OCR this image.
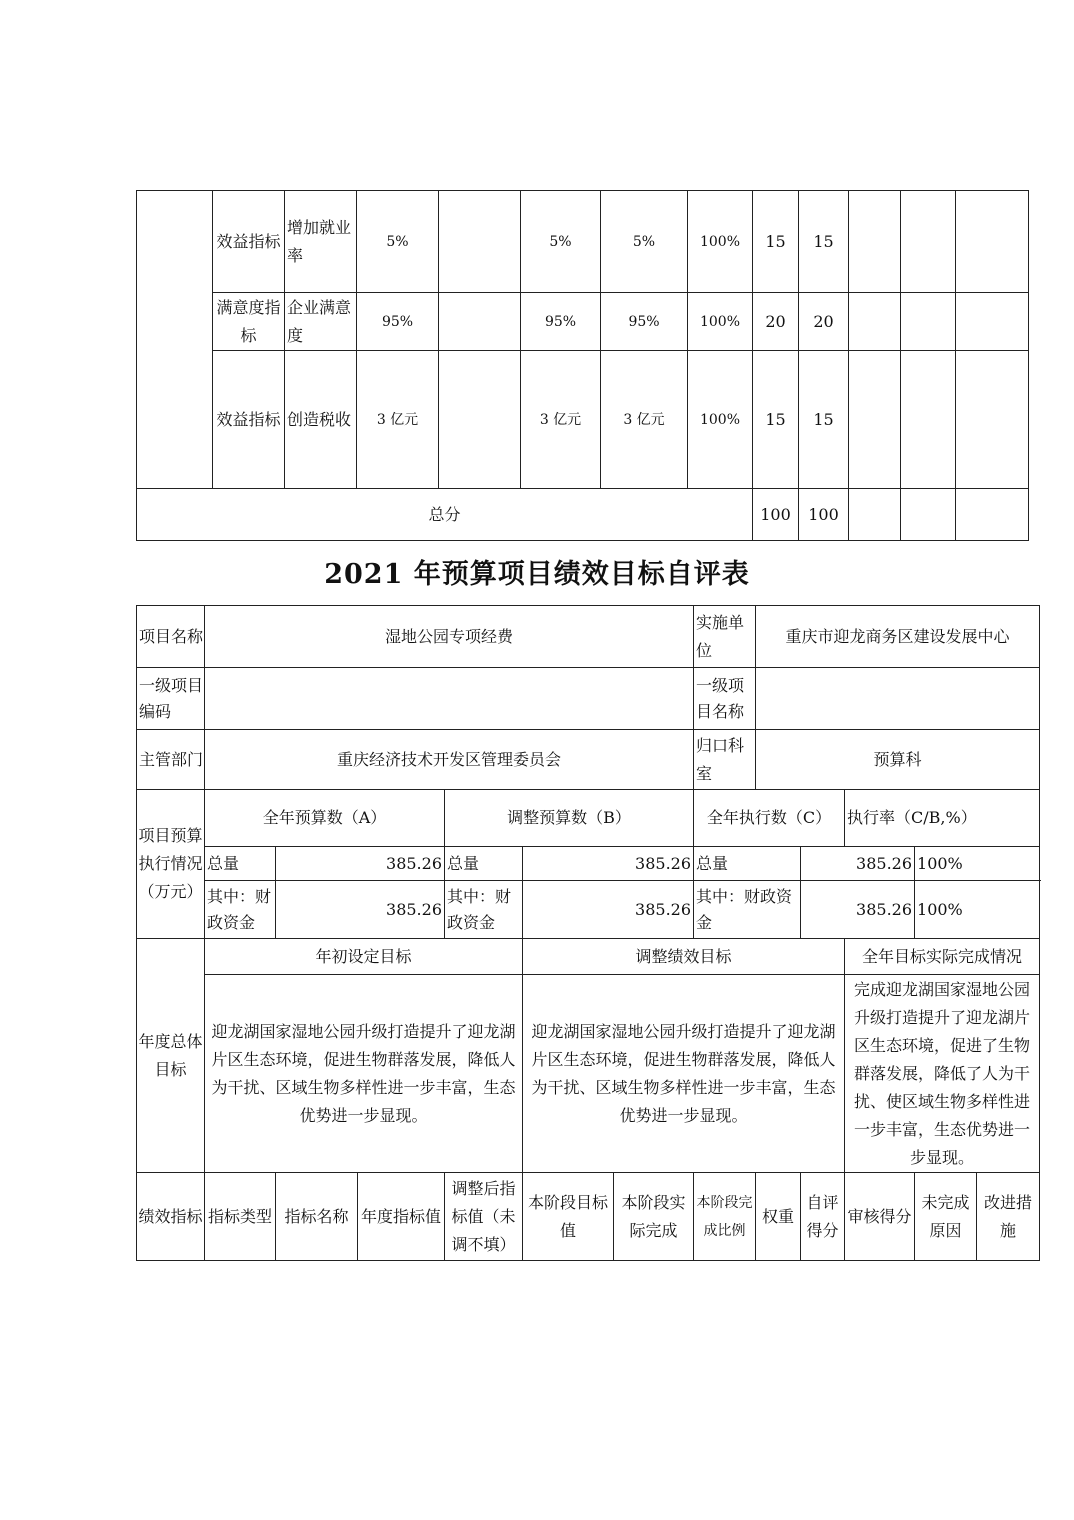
	效益指标	增加就业率	5%		5%	5%	100%	15	15			
	满意度指标	企业满意度	95%		95%	95%	100%	20	20			
	效益指标	创造税收	3 亿元		3 亿元	3 亿元	100%	15	15			
总分								100	100			
2021 年预算项目绩效目标自评表
项目名称	湿地公园专项经费						实施单位	重庆市迎龙商务区建设发展中心				
一级项目编码							一级项目名称					
主管部门	重庆经济技术开发区管理委员会						归口科室	预算科				
项目预算执行情况（万元）	全年预算数（A）			调整预算数（B）			全年执行数（C）			执行率（C/B,%）		
	总量	385.26		总量	385.26		总量		385.26		100%	
	其中：财政资金	385.26		其中：财政资金	385.26		其中：财政资金		385.26		100%	
年度总体目标	年初设定目标				调整绩效目标					全年目标实际完成情况		
	迎龙湖国家湿地公园升级打造提升了迎龙湖片区生态环境，促进生物群落发展，降低人为干扰、区域生物多样性进一步丰富，生态优势进一步显现。				迎龙湖国家湿地公园升级打造提升了迎龙湖片区生态环境，促进生物群落发展，降低人为干扰、区域生物多样性进一步丰富，生态优势进一步显现。					完成迎龙湖国家湿地公园升级打造提升了迎龙湖片区生态环境，促进了生物群落发展，降低了人为干扰、使区域生物多样性进一步丰富，生态优势进一步显现。		
绩效指标	指标类型	指标名称	年度指标值	调整后指标值（未调不填）	本阶段目标值	本阶段实际完成	本阶段完成比例	权重	自评得分	审核得分	未完成原因	改进措施
